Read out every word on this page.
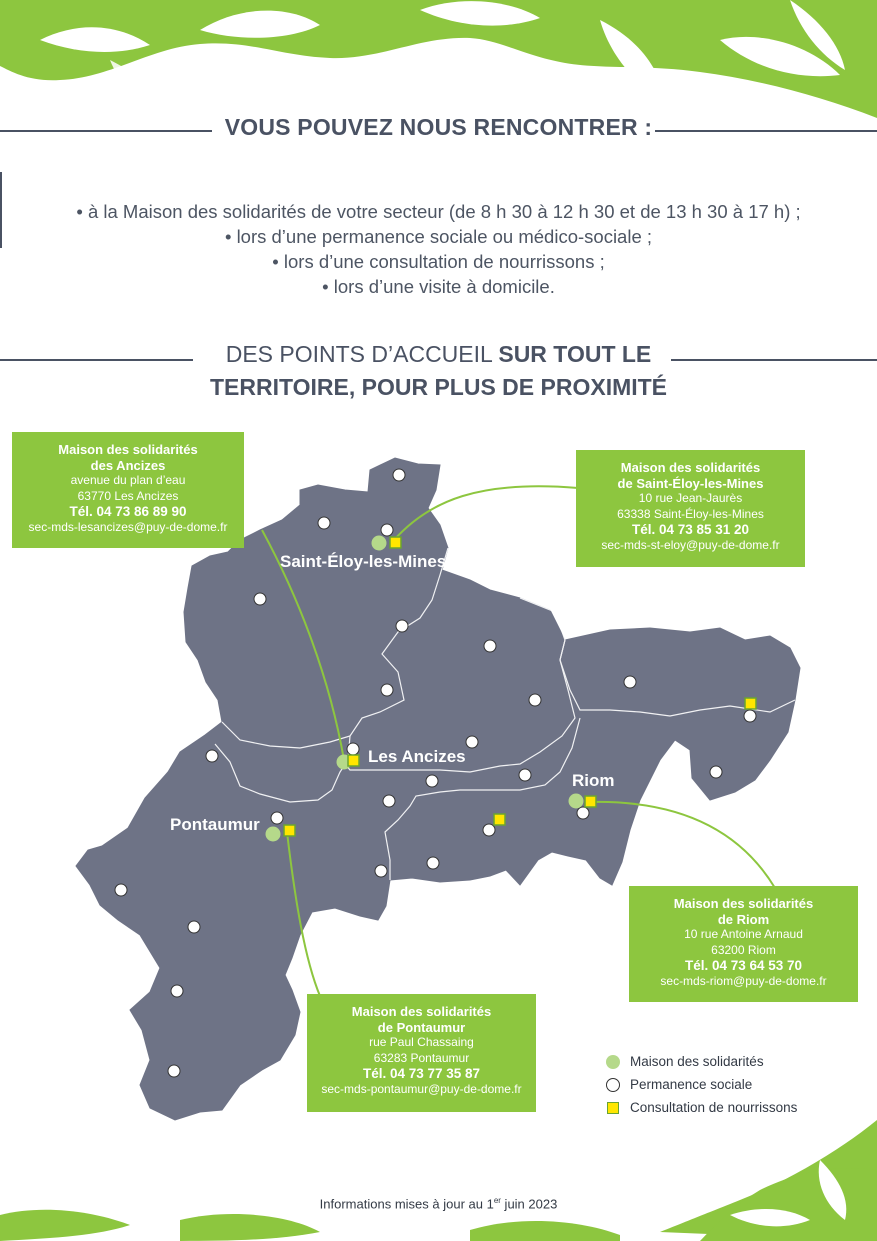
VOUS POUVEZ NOUS RENCONTRER :
• à la Maison des solidarités de votre secteur (de 8 h 30 à 12 h 30 et de 13 h 30 à 17 h) ;
• lors d’une permanence sociale ou médico-sociale ;
• lors d’une consultation de nourrissons ;
• lors d’une visite à domicile.
DES POINTS D’ACCUEIL SUR TOUT LE
TERRITOIRE, POUR PLUS DE PROXIMITÉ
Saint-Éloy-les-Mines
Les Ancizes
Riom
Pontaumur
Maison des solidarités
des Ancizes
avenue du plan d’eau
63770 Les Ancizes
Tél. 04 73 86 89 90
sec-mds-lesancizes@puy-de-dome.fr
Maison des solidarités
de Saint-Éloy-les-Mines
10 rue Jean-Jaurès
63338 Saint-Éloy-les-Mines
Tél. 04 73 85 31 20
sec-mds-st-eloy@puy-de-dome.fr
Maison des solidarités
de Riom
10 rue Antoine Arnaud
63200 Riom
Tél. 04 73 64 53 70
sec-mds-riom@puy-de-dome.fr
Maison des solidarités
de Pontaumur
rue Paul Chassaing
63283 Pontaumur
Tél. 04 73 77 35 87
sec-mds-pontaumur@puy-de-dome.fr
Maison des solidarités
Permanence sociale
Consultation de nourrissons
Informations mises à jour au 1er juin 2023
